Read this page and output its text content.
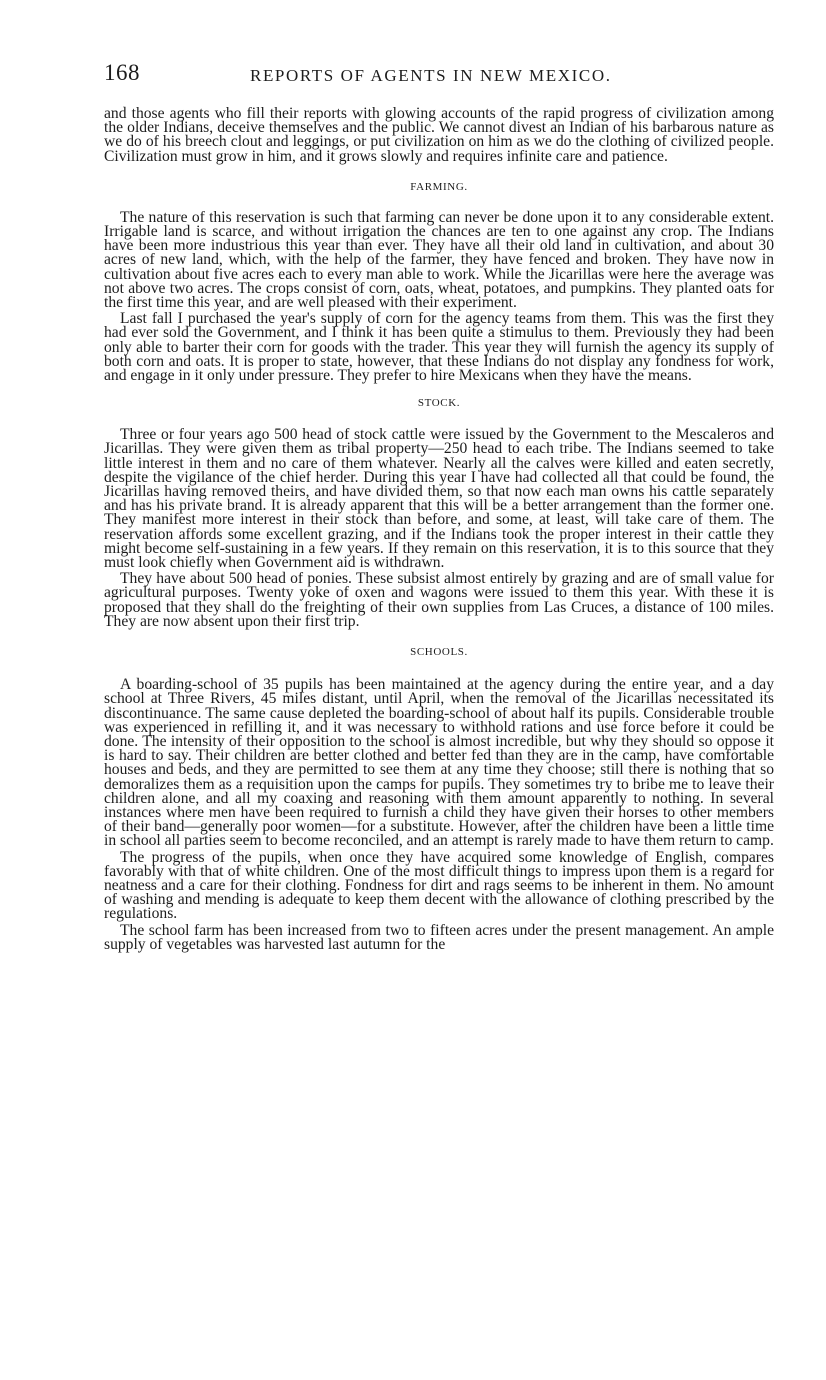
168	REPORTS OF AGENTS IN NEW MEXICO.

and those agents who fill their reports with glowing accounts of the rapid progress of civilization among the older Indians, deceive themselves and the public. We cannot divest an Indian of his barbarous nature as we do of his breech clout and leggings, or put civilization on him as we do the clothing of civilized people. Civilization must grow in him, and it grows slowly and requires infinite care and patience.

FARMING.

The nature of this reservation is such that farming can never be done upon it to any considerable extent. Irrigable land is scarce, and without irrigation the chances are ten to one against any crop. The Indians have been more industrious this year than ever. They have all their old land in cultivation, and about 30 acres of new land, which, with the help of the farmer, they have fenced and broken. They have now in cultivation about five acres each to every man able to work. While the Jicarillas were here the average was not above two acres. The crops consist of corn, oats, wheat, potatoes, and pumpkins. They planted oats for the first time this year, and are well pleased with their experiment.

Last fall I purchased the year's supply of corn for the agency teams from them. This was the first they had ever sold the Government, and I think it has been quite a stimulus to them. Previously they had been only able to barter their corn for goods with the trader. This year they will furnish the agency its supply of both corn and oats. It is proper to state, however, that these Indians do not display any fondness for work, and engage in it only under pressure. They prefer to hire Mexicans when they have the means.

STOCK.

Three or four years ago 500 head of stock cattle were issued by the Government to the Mescaleros and Jicarillas. They were given them as tribal property—250 head to each tribe. The Indians seemed to take little interest in them and no care of them whatever. Nearly all the calves were killed and eaten secretly, despite the vigilance of the chief herder. During this year I have had collected all that could be found, the Jicarillas having removed theirs, and have divided them, so that now each man owns his cattle separately and has his private brand. It is already apparent that this will be a better arrangement than the former one. They manifest more interest in their stock than before, and some, at least, will take care of them. The reservation affords some excellent grazing, and if the Indians took the proper interest in their cattle they might become self-sustaining in a few years. If they remain on this reservation, it is to this source that they must look chiefly when Government aid is withdrawn.

They have about 500 head of ponies. These subsist almost entirely by grazing and are of small value for agricultural purposes. Twenty yoke of oxen and wagons were issued to them this year. With these it is proposed that they shall do the freighting of their own supplies from Las Cruces, a distance of 100 miles. They are now absent upon their first trip.

SCHOOLS.

A boarding-school of 35 pupils has been maintained at the agency during the entire year, and a day school at Three Rivers, 45 miles distant, until April, when the removal of the Jicarillas necessitated its discontinuance. The same cause depleted the boarding-school of about half its pupils. Considerable trouble was experienced in refilling it, and it was necessary to withhold rations and use force before it could be done. The intensity of their opposition to the school is almost incredible, but why they should so oppose it is hard to say. Their children are better clothed and better fed than they are in the camp, have comfortable houses and beds, and they are permitted to see them at any time they choose; still there is nothing that so demoralizes them as a requisition upon the camps for pupils. They sometimes try to bribe me to leave their children alone, and all my coaxing and reasoning with them amount apparently to nothing. In several instances where men have been required to furnish a child they have given their horses to other members of their band—generally poor women—for a substitute. However, after the children have been a little time in school all parties seem to become reconciled, and an attempt is rarely made to have them return to camp.

The progress of the pupils, when once they have acquired some knowledge of English, compares favorably with that of white children. One of the most difficult things to impress upon them is a regard for neatness and a care for their clothing. Fondness for dirt and rags seems to be inherent in them. No amount of washing and mending is adequate to keep them decent with the allowance of clothing prescribed by the regulations.

The school farm has been increased from two to fifteen acres under the present management. An ample supply of vegetables was harvested last autumn for the
